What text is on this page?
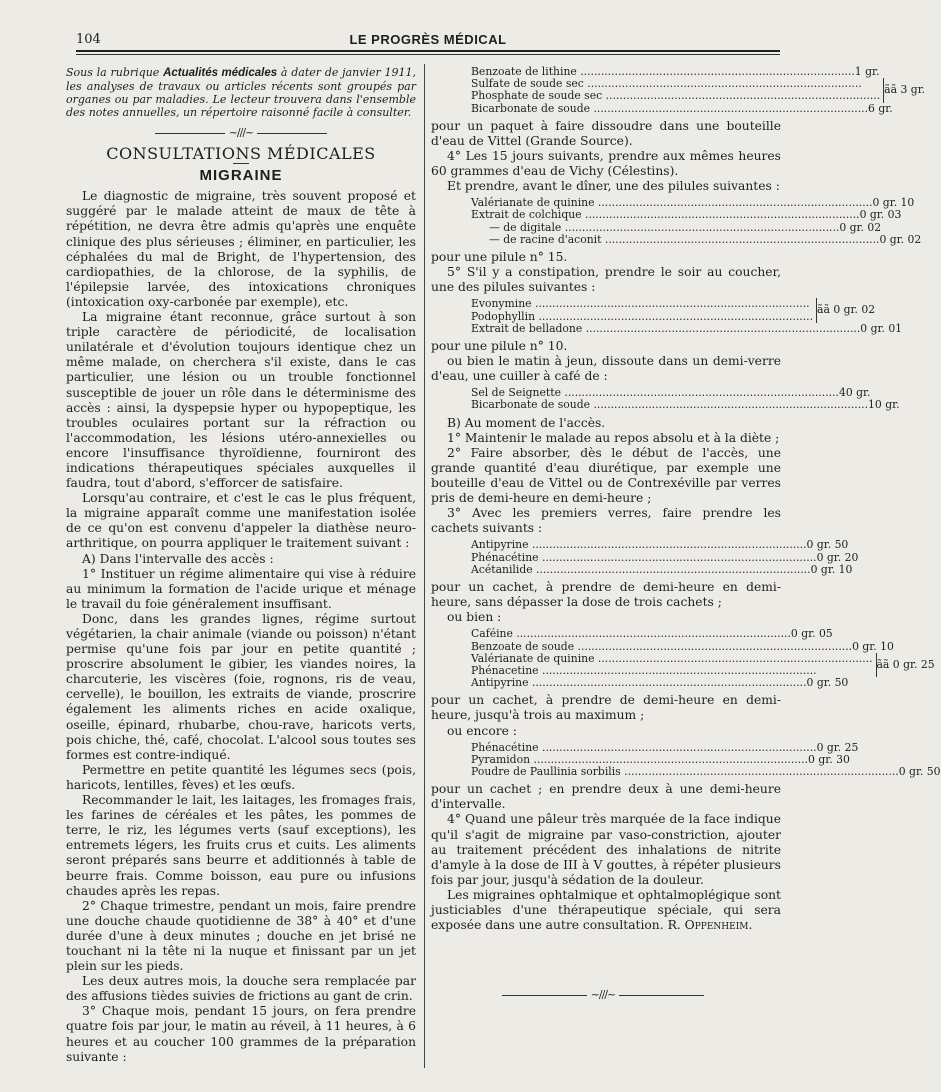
104	LE PROGRÈS MÉDICAL

Sous la rubrique Actualités médicales à dater de janvier 1911, les analyses de travaux ou articles récents sont groupés par organes ou par maladies. Le lecteur trouvera dans l'ensemble des notes annuelles, un répertoire raisonné facile à consulter.

~∕∕∕~
CONSULTATIONS MÉDICALES
MIGRAINE

Le diagnostic de migraine, très souvent proposé et suggéré par le malade atteint de maux de tête à répétition, ne devra être admis qu'après une enquête clinique des plus sérieuses ; éliminer, en particulier, les céphalées du mal de Bright, de l'hypertension, des cardiopathies, de la chlorose, de la syphilis, de l'épilepsie larvée, des intoxications chroniques (intoxication oxy-carbonée par exemple), etc.

La migraine étant reconnue, grâce surtout à son triple caractère de périodicité, de localisation unilatérale et d'évolution toujours identique chez un même malade, on cherchera s'il existe, dans le cas particulier, une lésion ou un trouble fonctionnel susceptible de jouer un rôle dans le déterminisme des accès : ainsi, la dyspepsie hyper ou hypopeptique, les troubles oculaires portant sur la réfraction ou l'accommodation, les lésions utéro-annexielles ou encore l'insuffisance thyroïdienne, fourniront des indications thérapeutiques spéciales auxquelles il faudra, tout d'abord, s'efforcer de satisfaire.

Lorsqu'au contraire, et c'est le cas le plus fréquent, la migraine apparaît comme une manifestation isolée de ce qu'on est convenu d'appeler la diathèse neuro-arthritique, on pourra appliquer le traitement suivant :

A) Dans l'intervalle des accès :

1° Instituer un régime alimentaire qui vise à réduire au minimum la formation de l'acide urique et ménage le travail du foie généralement insuffisant.

Donc, dans les grandes lignes, régime surtout végétarien, la chair animale (viande ou poisson) n'étant permise qu'une fois par jour en petite quantité ; proscrire absolument le gibier, les viandes noires, la charcuterie, les viscères (foie, rognons, ris de veau, cervelle), le bouillon, les extraits de viande, proscrire également les aliments riches en acide oxalique, oseille, épinard, rhubarbe, chou-rave, haricots verts, pois chiche, thé, café, chocolat. L'alcool sous toutes ses formes est contre-indiqué.

Permettre en petite quantité les légumes secs (pois, haricots, lentilles, fèves) et les œufs.

Recommander le lait, les laitages, les fromages frais, les farines de céréales et les pâtes, les pommes de terre, le riz, les légumes verts (sauf exceptions), les entremets légers, les fruits crus et cuits. Les aliments seront préparés sans beurre et additionnés à table de beurre frais. Comme boisson, eau pure ou infusions chaudes après les repas.

2° Chaque trimestre, pendant un mois, faire prendre une douche chaude quotidienne de 38° à 40° et d'une durée d'une à deux minutes ; douche en jet brisé ne touchant ni la tête ni la nuque et finissant par un jet plein sur les pieds.

Les deux autres mois, la douche sera remplacée par des affusions tièdes suivies de frictions au gant de crin.

3° Chaque mois, pendant 15 jours, on fera prendre quatre fois par jour, le matin au réveil, à 11 heures, à 6 heures et au coucher 100 grammes de la préparation suivante :

Benzoate de lithine .....	1 gr.
Sulfate de soude sec .....
Phosphate de soude sec .....	ãã 3 gr.
Bicarbonate de soude .....	6 gr.

pour un paquet à faire dissoudre dans une bouteille d'eau de Vittel (Grande Source).

4° Les 15 jours suivants, prendre aux mêmes heures 60 grammes d'eau de Vichy (Célestins).

Et prendre, avant le dîner, une des pilules suivantes :

Valérianate de quinine .....	0 gr. 10
Extrait de colchique .....	0 gr. 03
— de digitale .....	0 gr. 02
— de racine d'aconit .....	0 gr. 02

pour une pilule n° 15.

5° S'il y a constipation, prendre le soir au coucher, une des pilules suivantes :

Evonymine .....
Podophyllin .....	ãã 0 gr. 02
Extrait de belladone .....	0 gr. 01

pour une pilule n° 10.

ou bien le matin à jeun, dissoute dans un demi-verre d'eau, une cuiller à café de :

Sel de Seignette .....	40 gr.
Bicarbonate de soude .....	10 gr.

B) Au moment de l'accès.

1° Maintenir le malade au repos absolu et à la diète ;

2° Faire absorber, dès le début de l'accès, une grande quantité d'eau diurétique, par exemple une bouteille d'eau de Vittel ou de Contrexéville par verres pris de demi-heure en demi-heure ;

3° Avec les premiers verres, faire prendre les cachets suivants :

Antipyrine .....	0 gr. 50
Phénacétine .....	0 gr. 20
Acétanilide .....	0 gr. 10

pour un cachet, à prendre de demi-heure en demi-heure, sans dépasser la dose de trois cachets ;

ou bien :

Caféine .....	0 gr. 05
Benzoate de soude .....	0 gr. 10
Valérianate de quinine .....
Phénacetine .....	ãã 0 gr. 25
Antipyrine .....	0 gr. 50

pour un cachet, à prendre de demi-heure en demi-heure, jusqu'à trois au maximum ;

ou encore :

Phénacétine .....	0 gr. 25
Pyramidon .....	0 gr. 30
Poudre de Paullinia sorbilis .....	0 gr. 50

pour un cachet ; en prendre deux à une demi-heure d'intervalle.

4° Quand une pâleur très marquée de la face indique qu'il s'agit de migraine par vaso-constriction, ajouter au traitement précédent des inhalations de nitrite d'amyle à la dose de III à V gouttes, à répéter plusieurs fois par jour, jusqu'à sédation de la douleur.

Les migraines ophtalmique et ophtalmoplégique sont justiciables d'une thérapeutique spéciale, qui sera exposée dans une autre consultation. R. Oppenheim.

~∕∕∕~
